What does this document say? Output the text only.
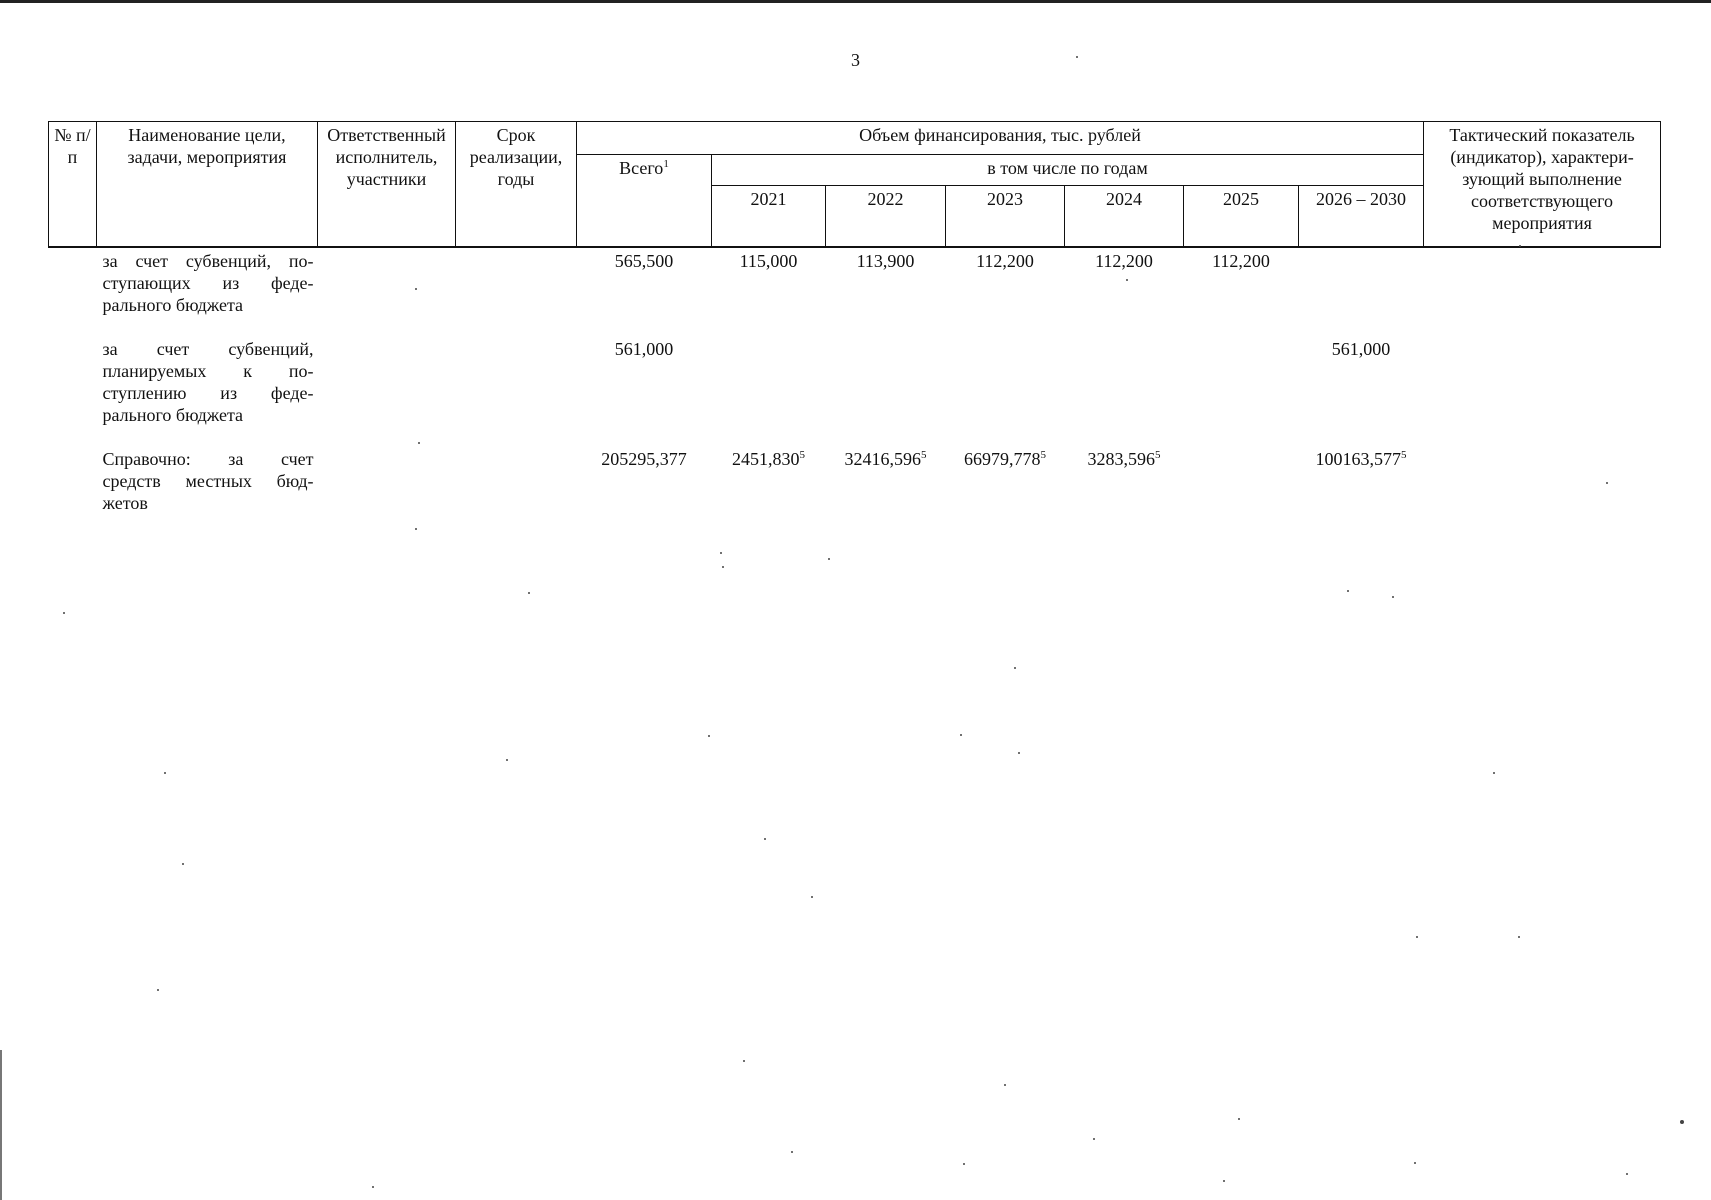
3
№ п/п	Наименование цели, задачи, мероприятия	Ответственный исполнитель, участники	Срок реализации, годы	Объем финансирования, тыс. рублей							Тактический показатель (индикатор), характери-зующий выполнение соответствующего мероприятия
				Всего$^1$	в том числе по годам						
					2021	2022	2023	2024	2025	2026 – 2030	

	за счет субвенций, по-
ступающих из феде-
рального бюджета			565,500	115,000	113,900	112,200	112,200	112,200		

	за счет субвенций,
планируемых к по-
ступлению из феде-
рального бюджета			561,000						561,000	

	Справочно: за счет
средств местных бюд-
жетов			205295,377	2451,830$^5$	32416,596$^5$	66979,778$^5$	3283,596$^5$		100163,577$^5$	
